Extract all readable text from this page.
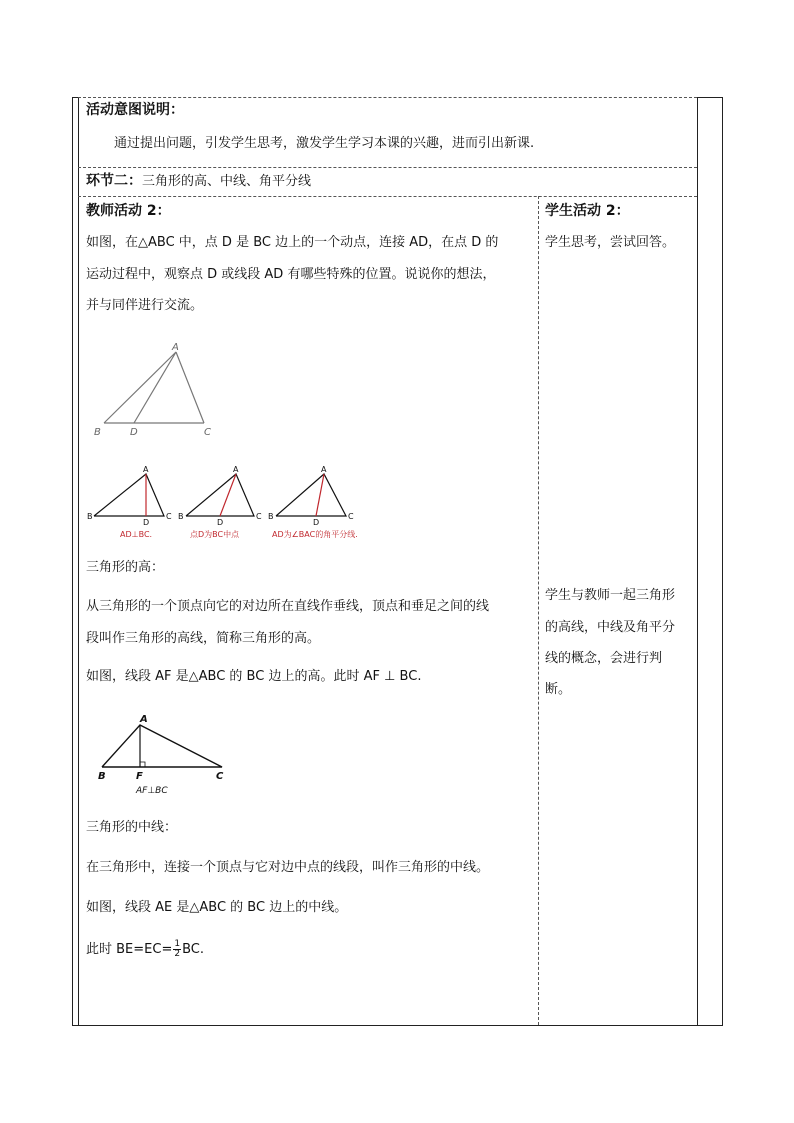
活动意图说明：
通过提出问题，引发学生思考，激发学生学习本课的兴趣，进而引出新课.
环节二：三角形的高、中线、角平分线
教师活动 2：
如图，在△ABC 中，点 D 是 BC 边上的一个动点，连接 AD，在点 D 的
运动过程中，观察点 D 或线段 AD 有哪些特殊的位置。说说你的想法，
并与同伴进行交流。
A
B	D	C
A
B	C
D
AD⊥BC.
A
B	C
D
点D为BC中点
A
B	C
D
AD为∠BAC的角平分线.
三角形的高：
从三角形的一个顶点向它的对边所在直线作垂线，顶点和垂足之间的线
段叫作三角形的高线，简称三角形的高。
如图，线段 AF 是△ABC 的 BC 边上的高。此时 AF ⊥ BC.
A
B	F	C
AF⊥BC
三角形的中线：
在三角形中，连接一个顶点与它对边中点的线段，叫作三角形的中线。
如图，线段 AE 是△ABC 的 BC 边上的中线。
此时 $BE=EC= \frac{1}{2}$ BC.
学生活动 2：
学生思考，尝试回答。
学生与教师一起三角形
的高线，中线及角平分
线的概念，会进行判
断。
